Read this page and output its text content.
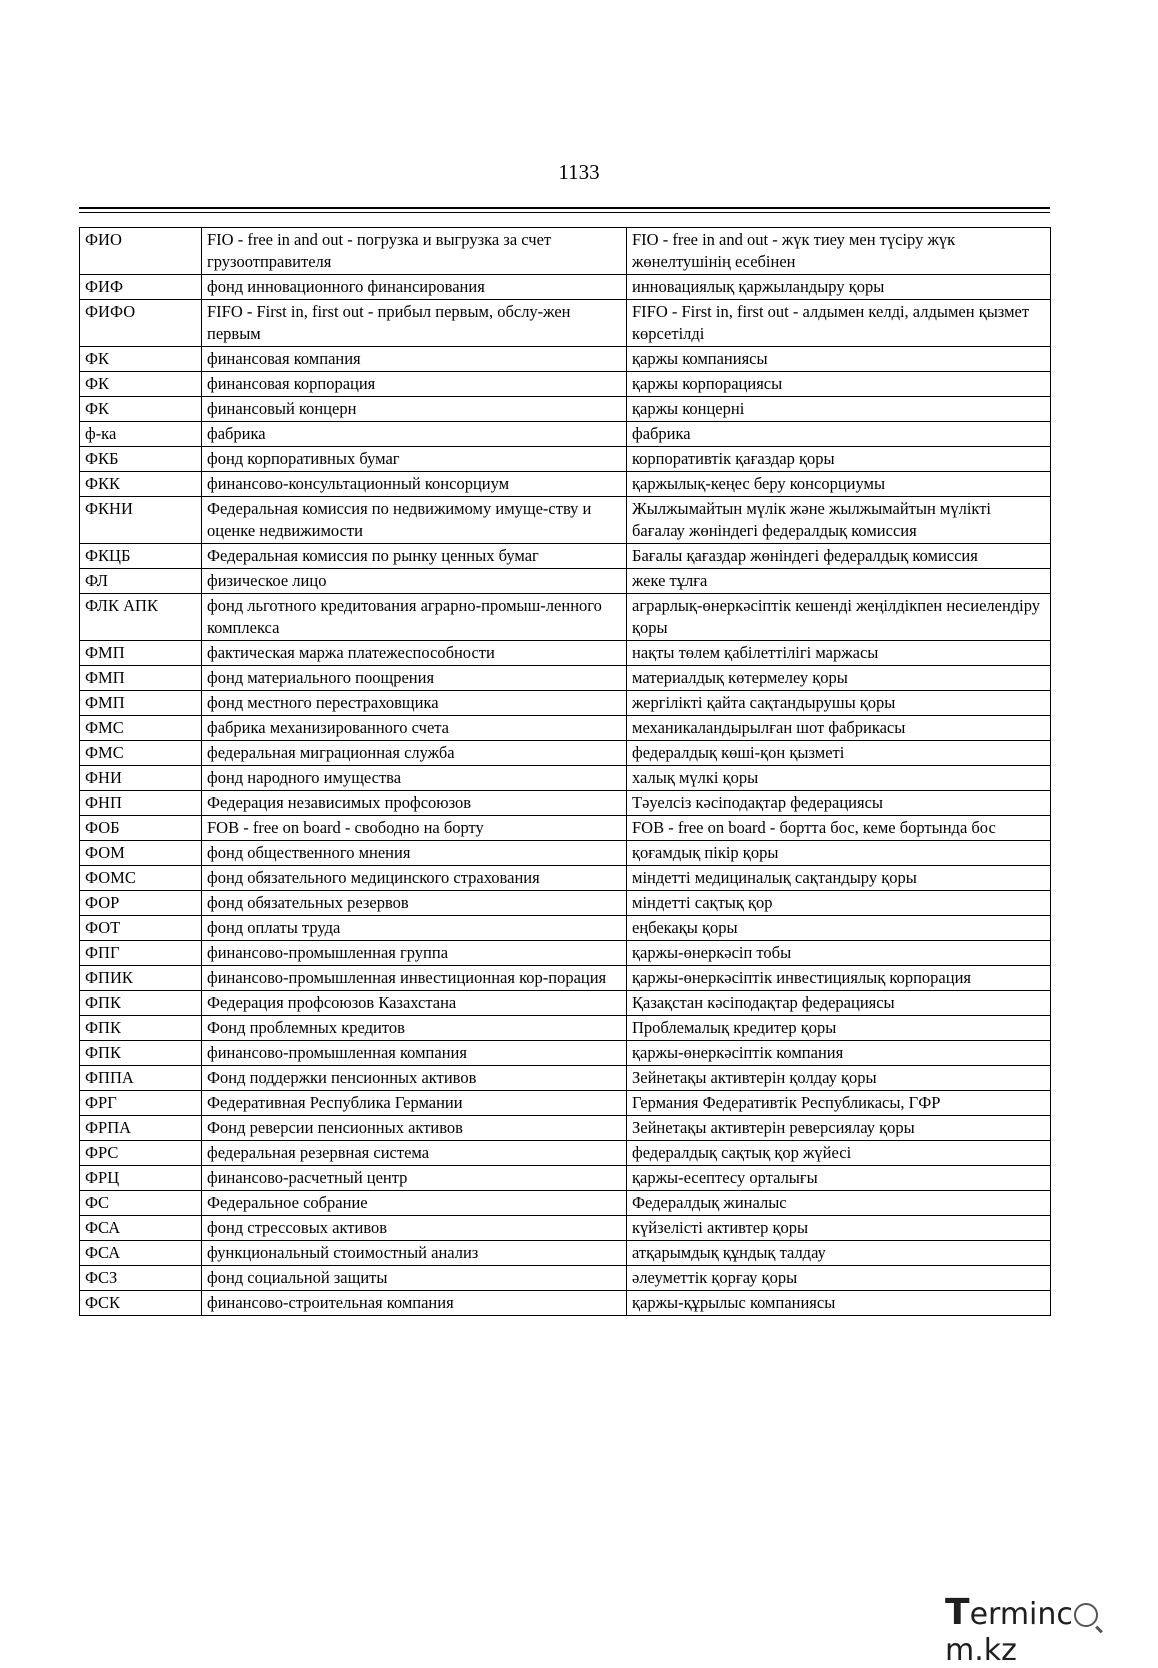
1133
ФИО	FIO - free in and out - погрузка и выгрузка за счет грузоотправителя	FIO - free in and out - жүк тиеу мен түсіру жүк жөнелтушінің есебінен
ФИФ	фонд инновационного финансирования	инновациялық қаржыландыру қоры
ФИФО	FIFO - First in, first out - прибыл первым, обслу-жен первым	FIFO - First in, first out - алдымен келді, алдымен қызмет көрсетілді
ФК	финансовая компания	қаржы компаниясы
ФК	финансовая корпорация	қаржы корпорациясы
ФК	финансовый концерн	қаржы концернi
ф-ка	фабрика	фабрика
ФКБ	фонд корпоративных бумаг	корпоративтiк қағаздар қоры
ФКК	финансово-консультационный консорциум	қаржылық-кеңес беру консорциумы
ФКНИ	Федеральная комиссия по недвижимому имуще-ству и оценке недвижимости	Жылжымайтын мүлік және жылжымайтын мүлікті бағалау жөніндегі федералдық комиссия
ФКЦБ	Федеральная комиссия по рынку ценных бумаг	Бағалы қағаздар жөніндегі федералдық комиссия
ФЛ	физическое лицо	жеке тұлға
ФЛК АПК	фонд льготного кредитования аграрно-промыш-ленного комплекса	аграрлық-өнеркәсіптік кешенді жеңілдікпен несиелендіру қоры
ФМП	фактическая маржа платежеспособности	нақты төлем қабілеттілігі маржасы
ФМП	фонд материального поощрения	материалдық көтермелеу қоры
ФМП	фонд местного перестраховщика	жергілікті қайта сақтандырушы қоры
ФМС	фабрика механизированного счета	механикаландырылған шот фабрикасы
ФМС	федеральная миграционная служба	федералдық көші-қон қызметі
ФНИ	фонд народного имущества	халық мүлкі қоры
ФНП	Федерация независимых профсоюзов	Тәуелсіз кәсіподақтар федерациясы
ФОБ	FOB - free on board - свободно на борту	FOB - free on board - бортта бос, кеме бортында бос
ФОМ	фонд общественного мнения	қоғамдық пікір қоры
ФОМС	фонд обязательного медицинского страхования	міндетті медициналық сақтандыру қоры
ФОР	фонд обязательных резервов	міндетті сақтық қор
ФОТ	фонд оплаты труда	еңбекақы қоры
ФПГ	финансово-промышленная группа	қаржы-өнеркәсіп тобы
ФПИК	финансово-промышленная инвестиционная кор-порация	қаржы-өнеркәсіптік инвестициялық корпорация
ФПК	Федерация профсоюзов Казахстана	Қазақстан кәсіподақтар федерациясы
ФПК	Фонд проблемных кредитов	Проблемалық кредитер қоры
ФПК	финансово-промышленная компания	қаржы-өнеркәсіптік компания
ФППА	Фонд поддержки пенсионных активов	Зейнетақы активтерін қолдау қоры
ФРГ	Федеративная Республика Германии	Германия Федеративтік Республикасы, ГФР
ФРПА	Фонд реверсии пенсионных активов	Зейнетақы активтерін реверсиялау қоры
ФРС	федеральная резервная система	федералдық сақтық қор жүйесі
ФРЦ	финансово-расчетный центр	қаржы-есептесу орталығы
ФС	Федеральное собрание	Федералдық жиналыс
ФСА	фонд стрессовых активов	күйзелісті активтер қоры
ФСА	функциональный стоимостный анализ	атқарымдық құндық талдау
ФСЗ	фонд социальной защиты	әлеуметтік қорғау қоры
ФСК	финансово-строительная компания	қаржы-құрылыс компаниясы
Termincm.kz
